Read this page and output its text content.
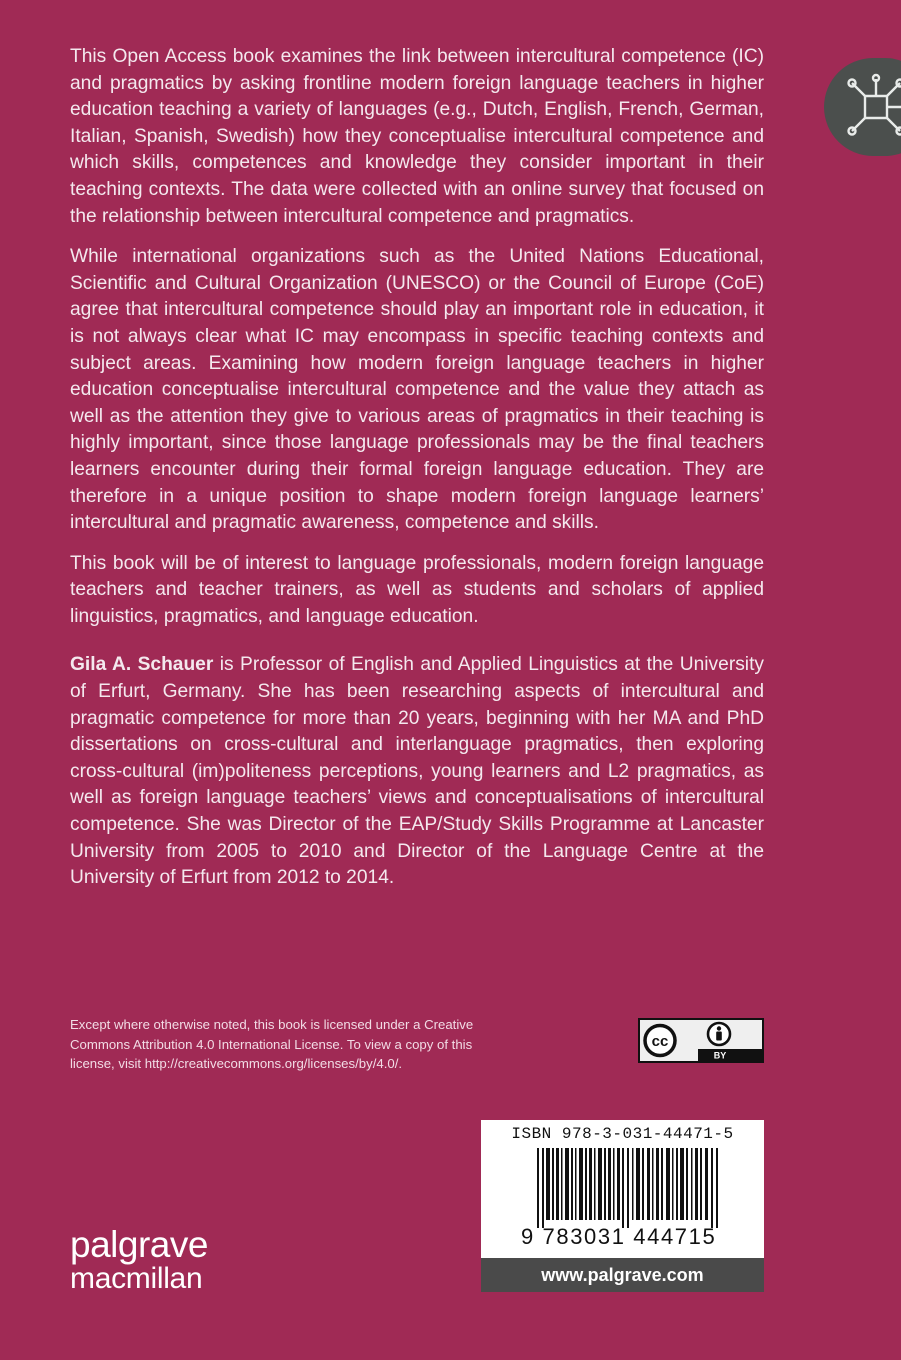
This Open Access book examines the link between intercultural competence (IC) and pragmatics by asking frontline modern foreign language teachers in higher education teaching a variety of languages (e.g., Dutch, English, French, German, Italian, Spanish, Swedish) how they conceptualise intercultural competence and which skills, competences and knowledge they consider important in their teaching contexts. The data were collected with an online survey that focused on the relationship between intercultural competence and pragmatics.

While international organizations such as the United Nations Educational, Scientific and Cultural Organization (UNESCO) or the Council of Europe (CoE) agree that intercultural competence should play an important role in education, it is not always clear what IC may encompass in specific teaching contexts and subject areas. Examining how modern foreign language teachers in higher education conceptualise intercultural competence and the value they attach as well as the attention they give to various areas of pragmatics in their teaching is highly important, since those language professionals may be the final teachers learners encounter during their formal foreign language education. They are therefore in a unique position to shape modern foreign language learners’ intercultural and pragmatic awareness, competence and skills.

This book will be of interest to language professionals, modern foreign language teachers and teacher trainers, as well as students and scholars of applied linguistics, pragmatics, and language education.

Gila A. Schauer is Professor of English and Applied Linguistics at the University of Erfurt, Germany. She has been researching aspects of intercultural and pragmatic competence for more than 20 years, beginning with her MA and PhD dissertations on cross-cultural and interlanguage pragmatics, then exploring cross-cultural (im)politeness perceptions, young learners and L2 pragmatics, as well as foreign language teachers’ views and conceptualisations of intercultural competence. She was Director of the EAP/Study Skills Programme at Lancaster University from 2005 to 2010 and Director of the Language Centre at the University of Erfurt from 2012 to 2014.

Except where otherwise noted, this book is licensed under a Creative Commons Attribution 4.0 International License. To view a copy of this license, visit http://creativecommons.org/licenses/by/4.0/.
cc
BY
ISBN 978-3-031-44471-5
9 783031 444715
www.palgrave.com
palgrave
macmillan
